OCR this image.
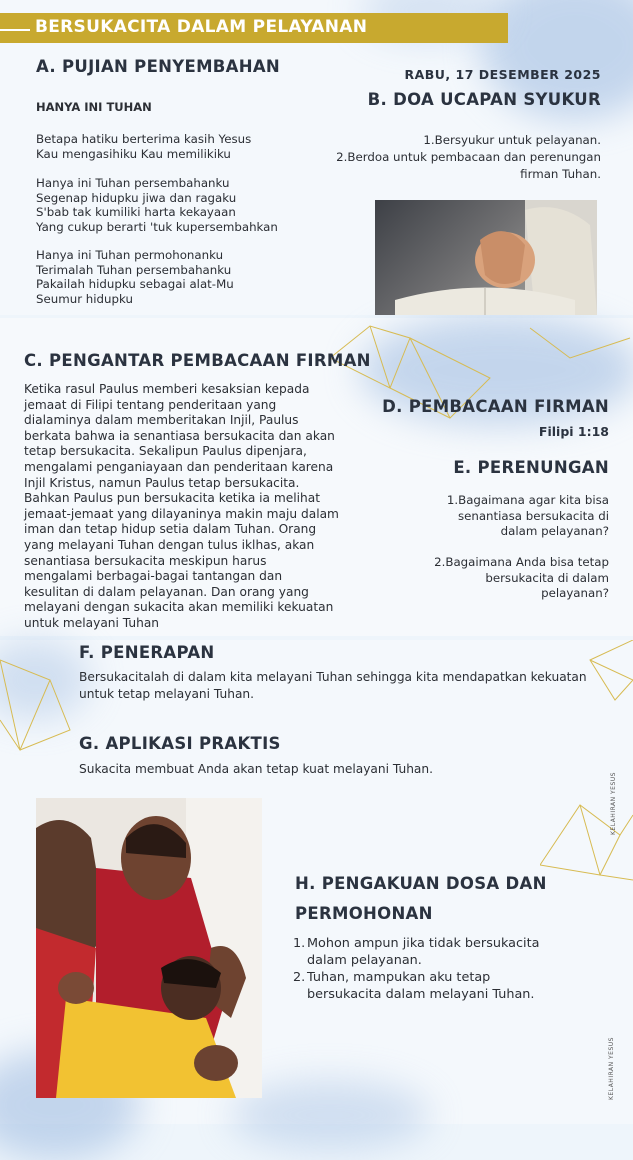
BERSUKACITA DALAM PELAYANAN
A. PUJIAN PENYEMBAHAN
HANYA INI TUHAN
Betapa hatiku berterima kasih Yesus
Kau mengasihiku Kau memilikiku
Hanya ini Tuhan persembahanku
Segenap hidupku jiwa dan ragaku
S'bab tak kumiliki harta kekayaan
Yang cukup berarti 'tuk kupersembahkan
Hanya ini Tuhan permohonanku
Terimalah Tuhan persembahanku
Pakailah hidupku sebagai alat-Mu
Seumur hidupku
RABU, 17 DESEMBER 2025
B. DOA UCAPAN SYUKUR
1.Bersyukur untuk pelayanan.
2.Berdoa untuk pembacaan dan perenungan
firman Tuhan.
C. PENGANTAR PEMBACAAN FIRMAN
Ketika rasul Paulus memberi kesaksian kepada
jemaat di Filipi tentang penderitaan yang
dialaminya dalam memberitakan Injil, Paulus
berkata bahwa ia senantiasa bersukacita dan akan
tetap bersukacita. Sekalipun Paulus dipenjara,
mengalami penganiayaan dan penderitaan karena
Injil Kristus, namun Paulus tetap bersukacita.
Bahkan Paulus pun bersukacita ketika ia melihat
jemaat-jemaat yang dilayaninya makin maju dalam
iman dan tetap hidup setia dalam Tuhan. Orang
yang melayani Tuhan dengan tulus iklhas, akan
senantiasa bersukacita meskipun harus
mengalami berbagai-bagai tantangan dan
kesulitan di dalam pelayanan. Dan orang yang
melayani dengan sukacita akan memiliki kekuatan
untuk melayani Tuhan
D. PEMBACAAN FIRMAN
Filipi 1:18
E. PERENUNGAN
1.Bagaimana agar kita bisa
senantiasa bersukacita di
dalam pelayanan?
2.Bagaimana Anda bisa tetap
bersukacita di dalam
pelayanan?
F. PENERAPAN
Bersukacitalah di dalam kita melayani Tuhan sehingga kita mendapatkan kekuatan
untuk tetap melayani Tuhan.
G. APLIKASI PRAKTIS
Sukacita membuat Anda akan tetap kuat melayani Tuhan.
KELAHIRAN YESUS
KELAHIRAN YESUS
H. PENGAKUAN DOSA DAN
PERMOHONAN
1. Mohon ampun jika tidak bersukacita
dalam pelayanan.
2. Tuhan, mampukan aku tetap
bersukacita dalam melayani Tuhan.
